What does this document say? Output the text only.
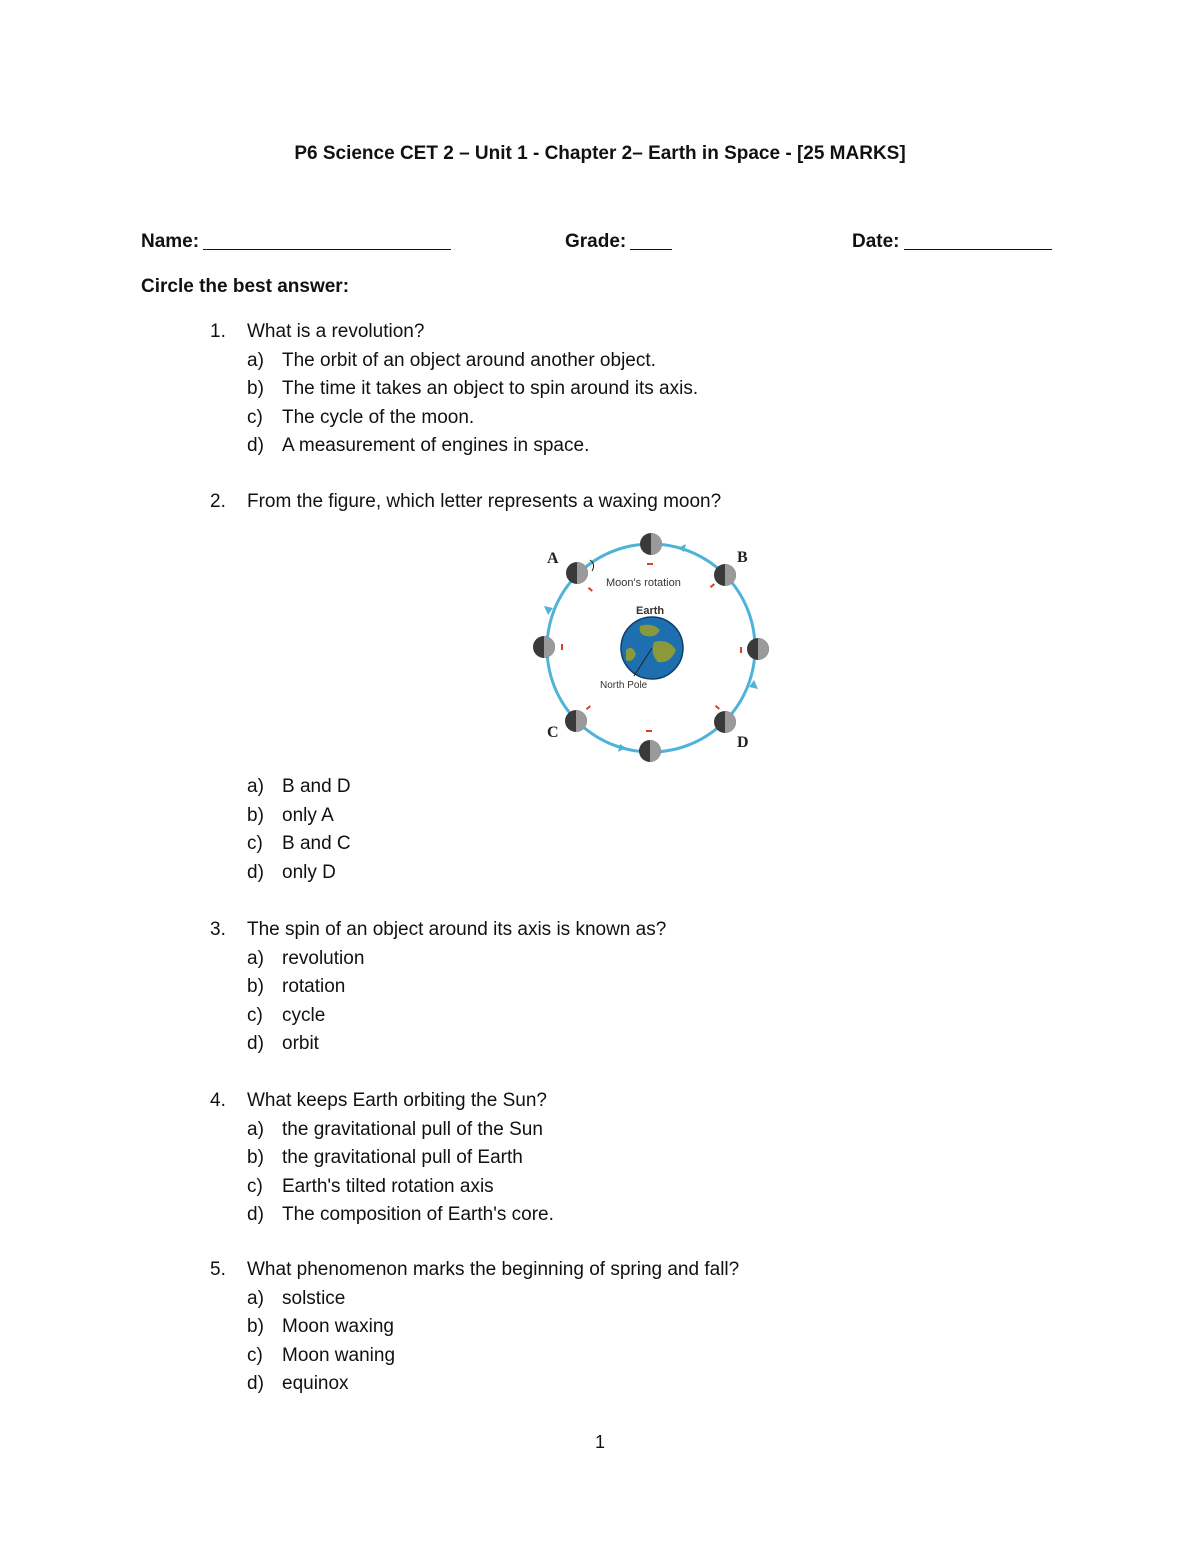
P6 Science CET 2 – Unit 1 - Chapter 2– Earth in Space - [25 MARKS]
Name:	Grade:	Date:
Circle the best answer:
1. What is a revolution?
a) The orbit of an object around another object.
b) The time it takes an object to spin around its axis.
c) The cycle of the moon.
d) A measurement of engines in space.
2. From the figure, which letter represents a waxing moon?
A	B
C
D
Moon's rotation
Earth
North Pole
a) B and D
b) only A
c) B and C
d) only D
3. The spin of an object around its axis is known as?
a) revolution
b) rotation
c) cycle
d) orbit
4. What keeps Earth orbiting the Sun?
a) the gravitational pull of the Sun
b) the gravitational pull of Earth
c) Earth's tilted rotation axis
d) The composition of Earth's core.
5. What phenomenon marks the beginning of spring and fall?
a) solstice
b) Moon waxing
c) Moon waning
d) equinox
1
